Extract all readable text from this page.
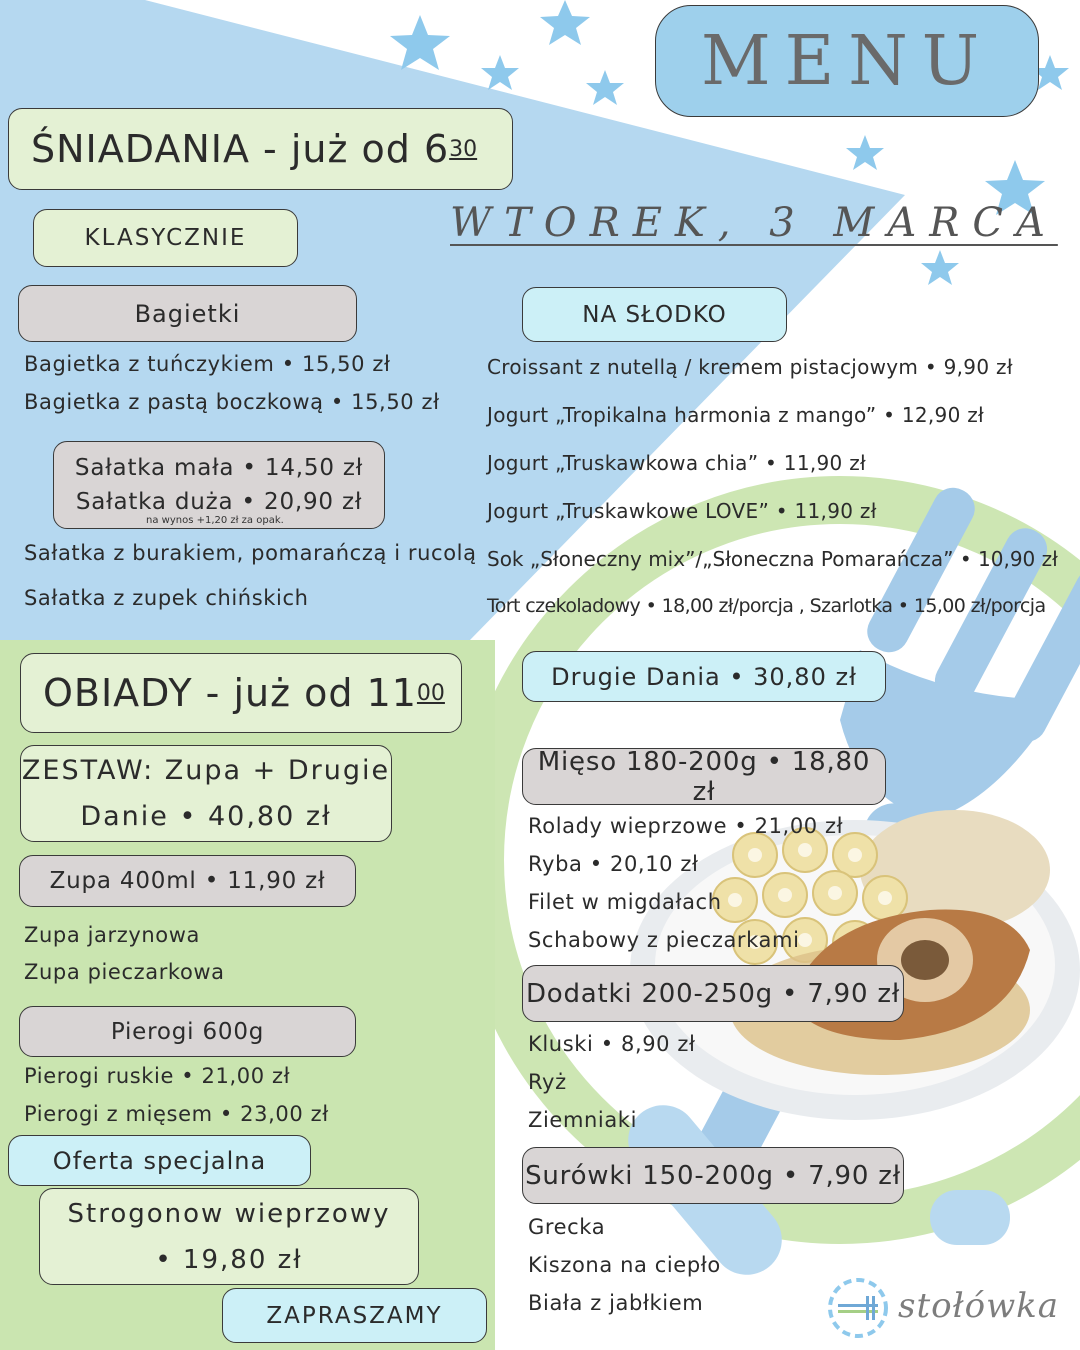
MENU
WTOREK, 3 MARCA
ŚNIADANIA - już od 6 30
KLASYCZNIE
Bagietki
Bagietka z tuńczykiem • 15,50 zł
Bagietka z pastą boczkową • 15,50 zł
Sałatka mała • 14,50 zł
Sałatka duża • 20,90 zł
na wynos +1,20 zł za opak.
Sałatka z burakiem, pomarańczą i rucolą
Sałatka z zupek chińskich
NA SŁODKO
Croissant z nutellą / kremem pistacjowym • 9,90 zł
Jogurt „Tropikalna harmonia z mango” • 12,90 zł
Jogurt „Truskawkowa chia” • 11,90 zł
Jogurt „Truskawkowe LOVE” • 11,90 zł
Sok „Słoneczny mix”/„Słoneczna Pomarańcza” • 10,90 zł
Tort czekoladowy • 18,00 zł/porcja , Szarlotka • 15,00 zł/porcja
OBIADY - już od 11 00
ZESTAW: Zupa + Drugie
Danie • 40,80 zł
Zupa 400ml • 11,90 zł
Zupa jarzynowa
Zupa pieczarkowa
Pierogi 600g
Pierogi ruskie • 21,00 zł
Pierogi z mięsem • 23,00 zł
Oferta specjalna
Strogonow wieprzowy
• 19,80 zł
ZAPRASZAMY
Drugie Dania • 30,80 zł
Mięso 180-200g • 18,80 zł
Rolady wieprzowe • 21,00 zł
Ryba • 20,10 zł
Filet w migdałach
Schabowy z pieczarkami
Dodatki 200-250g • 7,90 zł
Kluski • 8,90 zł
Ryż
Ziemniaki
Surówki 150-200g • 7,90 zł
Grecka
Kiszona na ciepło
Biała z jabłkiem	stołówka
